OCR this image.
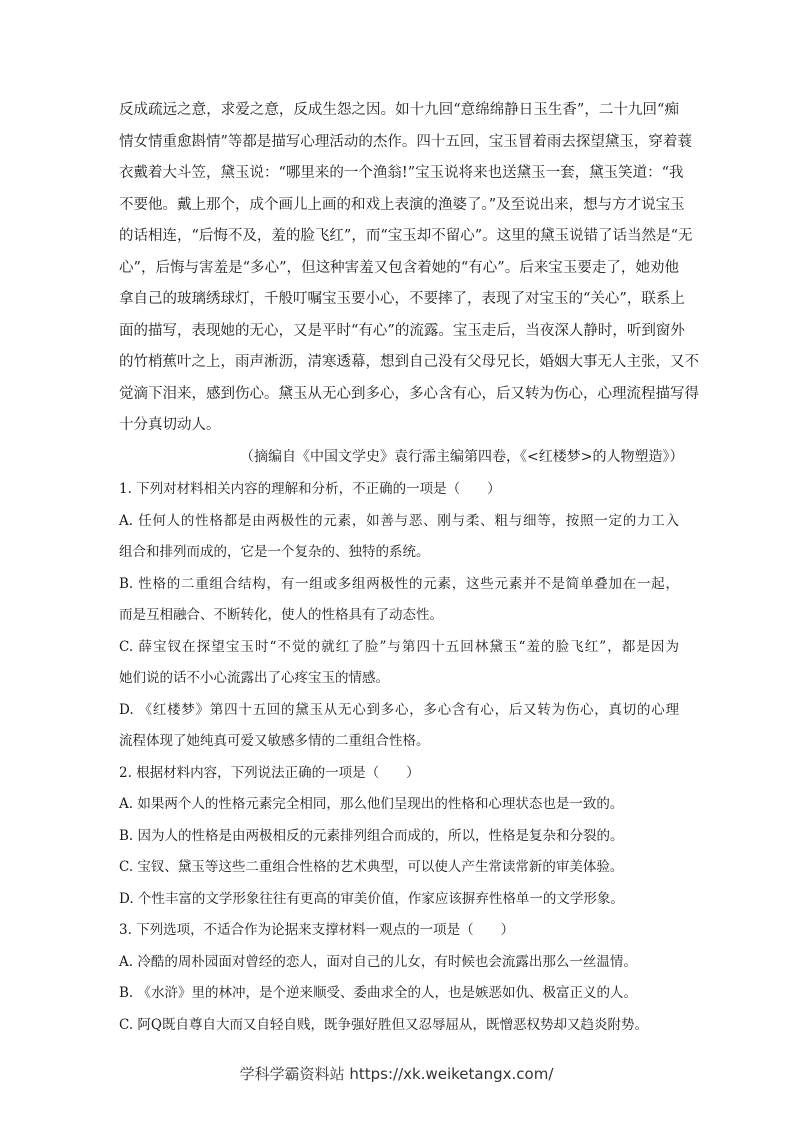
反成疏远之意，求爱之意，反成生怨之因。如十九回“意绵绵静日玉生香”，二十九回“痴
情女情重愈斟情”等都是描写心理活动的杰作。四十五回，宝玉冒着雨去探望黛玉，穿着蓑
衣戴着大斗笠，黛玉说：“哪里来的一个渔翁!”宝玉说将来也送黛玉一套，黛玉笑道：“我
不要他。戴上那个，成个画儿上画的和戏上表演的渔婆了。”及至说出来，想与方才说宝玉
的话相连，“后悔不及，羞的脸飞红”，而“宝玉却不留心”。这里的黛玉说错了话当然是“无
心”，后悔与害羞是“多心”，但这种害羞又包含着她的“有心”。后来宝玉要走了，她劝他
拿自己的玻璃绣球灯，千般叮嘱宝玉要小心，不要摔了，表现了对宝玉的“关心”，联系上
面的描写，表现她的无心，又是平时“有心”的流露。宝玉走后，当夜深人静时，听到窗外
的竹梢蕉叶之上，雨声淅沥，清寒透幕，想到自己没有父母兄长，婚姻大事无人主张，又不
觉滴下泪来，感到伤心。黛玉从无心到多心，多心含有心，后又转为伤心，心理流程描写得
十分真切动人。
（摘编自《中国文学史》袁行霈主编第四卷，《<红楼梦>的人物塑造》）
1. 下列对材料相关内容的理解和分析，不正确的一项是（　　）
A. 任何人的性格都是由两极性的元素，如善与恶、刚与柔、粗与细等，按照一定的力工入
组合和排列而成的，它是一个复杂的、独特的系统。
B. 性格的二重组合结构，有一组或多组两极性的元素，这些元素并不是简单叠加在一起，
而是互相融合、不断转化，使人的性格具有了动态性。
C. 薛宝钗在探望宝玉时“不觉的就红了脸”与第四十五回林黛玉“羞的脸飞红”，都是因为
她们说的话不小心流露出了心疼宝玉的情感。
D. 《红楼梦》第四十五回的黛玉从无心到多心，多心含有心，后又转为伤心，真切的心理
流程体现了她纯真可爱又敏感多情的二重组合性格。
2. 根据材料内容，下列说法正确的一项是（　　）
A. 如果两个人的性格元素完全相同，那么他们呈现出的性格和心理状态也是一致的。
B. 因为人的性格是由两极相反的元素排列组合而成的，所以，性格是复杂和分裂的。
C. 宝钗、黛玉等这些二重组合性格的艺术典型，可以使人产生常读常新的审美体验。
D. 个性丰富的文学形象往往有更高的审美价值，作家应该摒弃性格单一的文学形象。
3. 下列选项，不适合作为论据来支撑材料一观点的一项是（　　）
A. 冷酷的周朴园面对曾经的恋人，面对自己的儿女，有时候也会流露出那么一丝温情。
B. 《水浒》里的林冲，是个逆来顺受、委曲求全的人，也是嫉恶如仇、极富正义的人。
C. 阿Q既自尊自大而又自轻自贱，既争强好胜但又忍辱屈从，既憎恶权势却又趋炎附势。
学科学霸资料站 https://xk.weiketangx.com/
